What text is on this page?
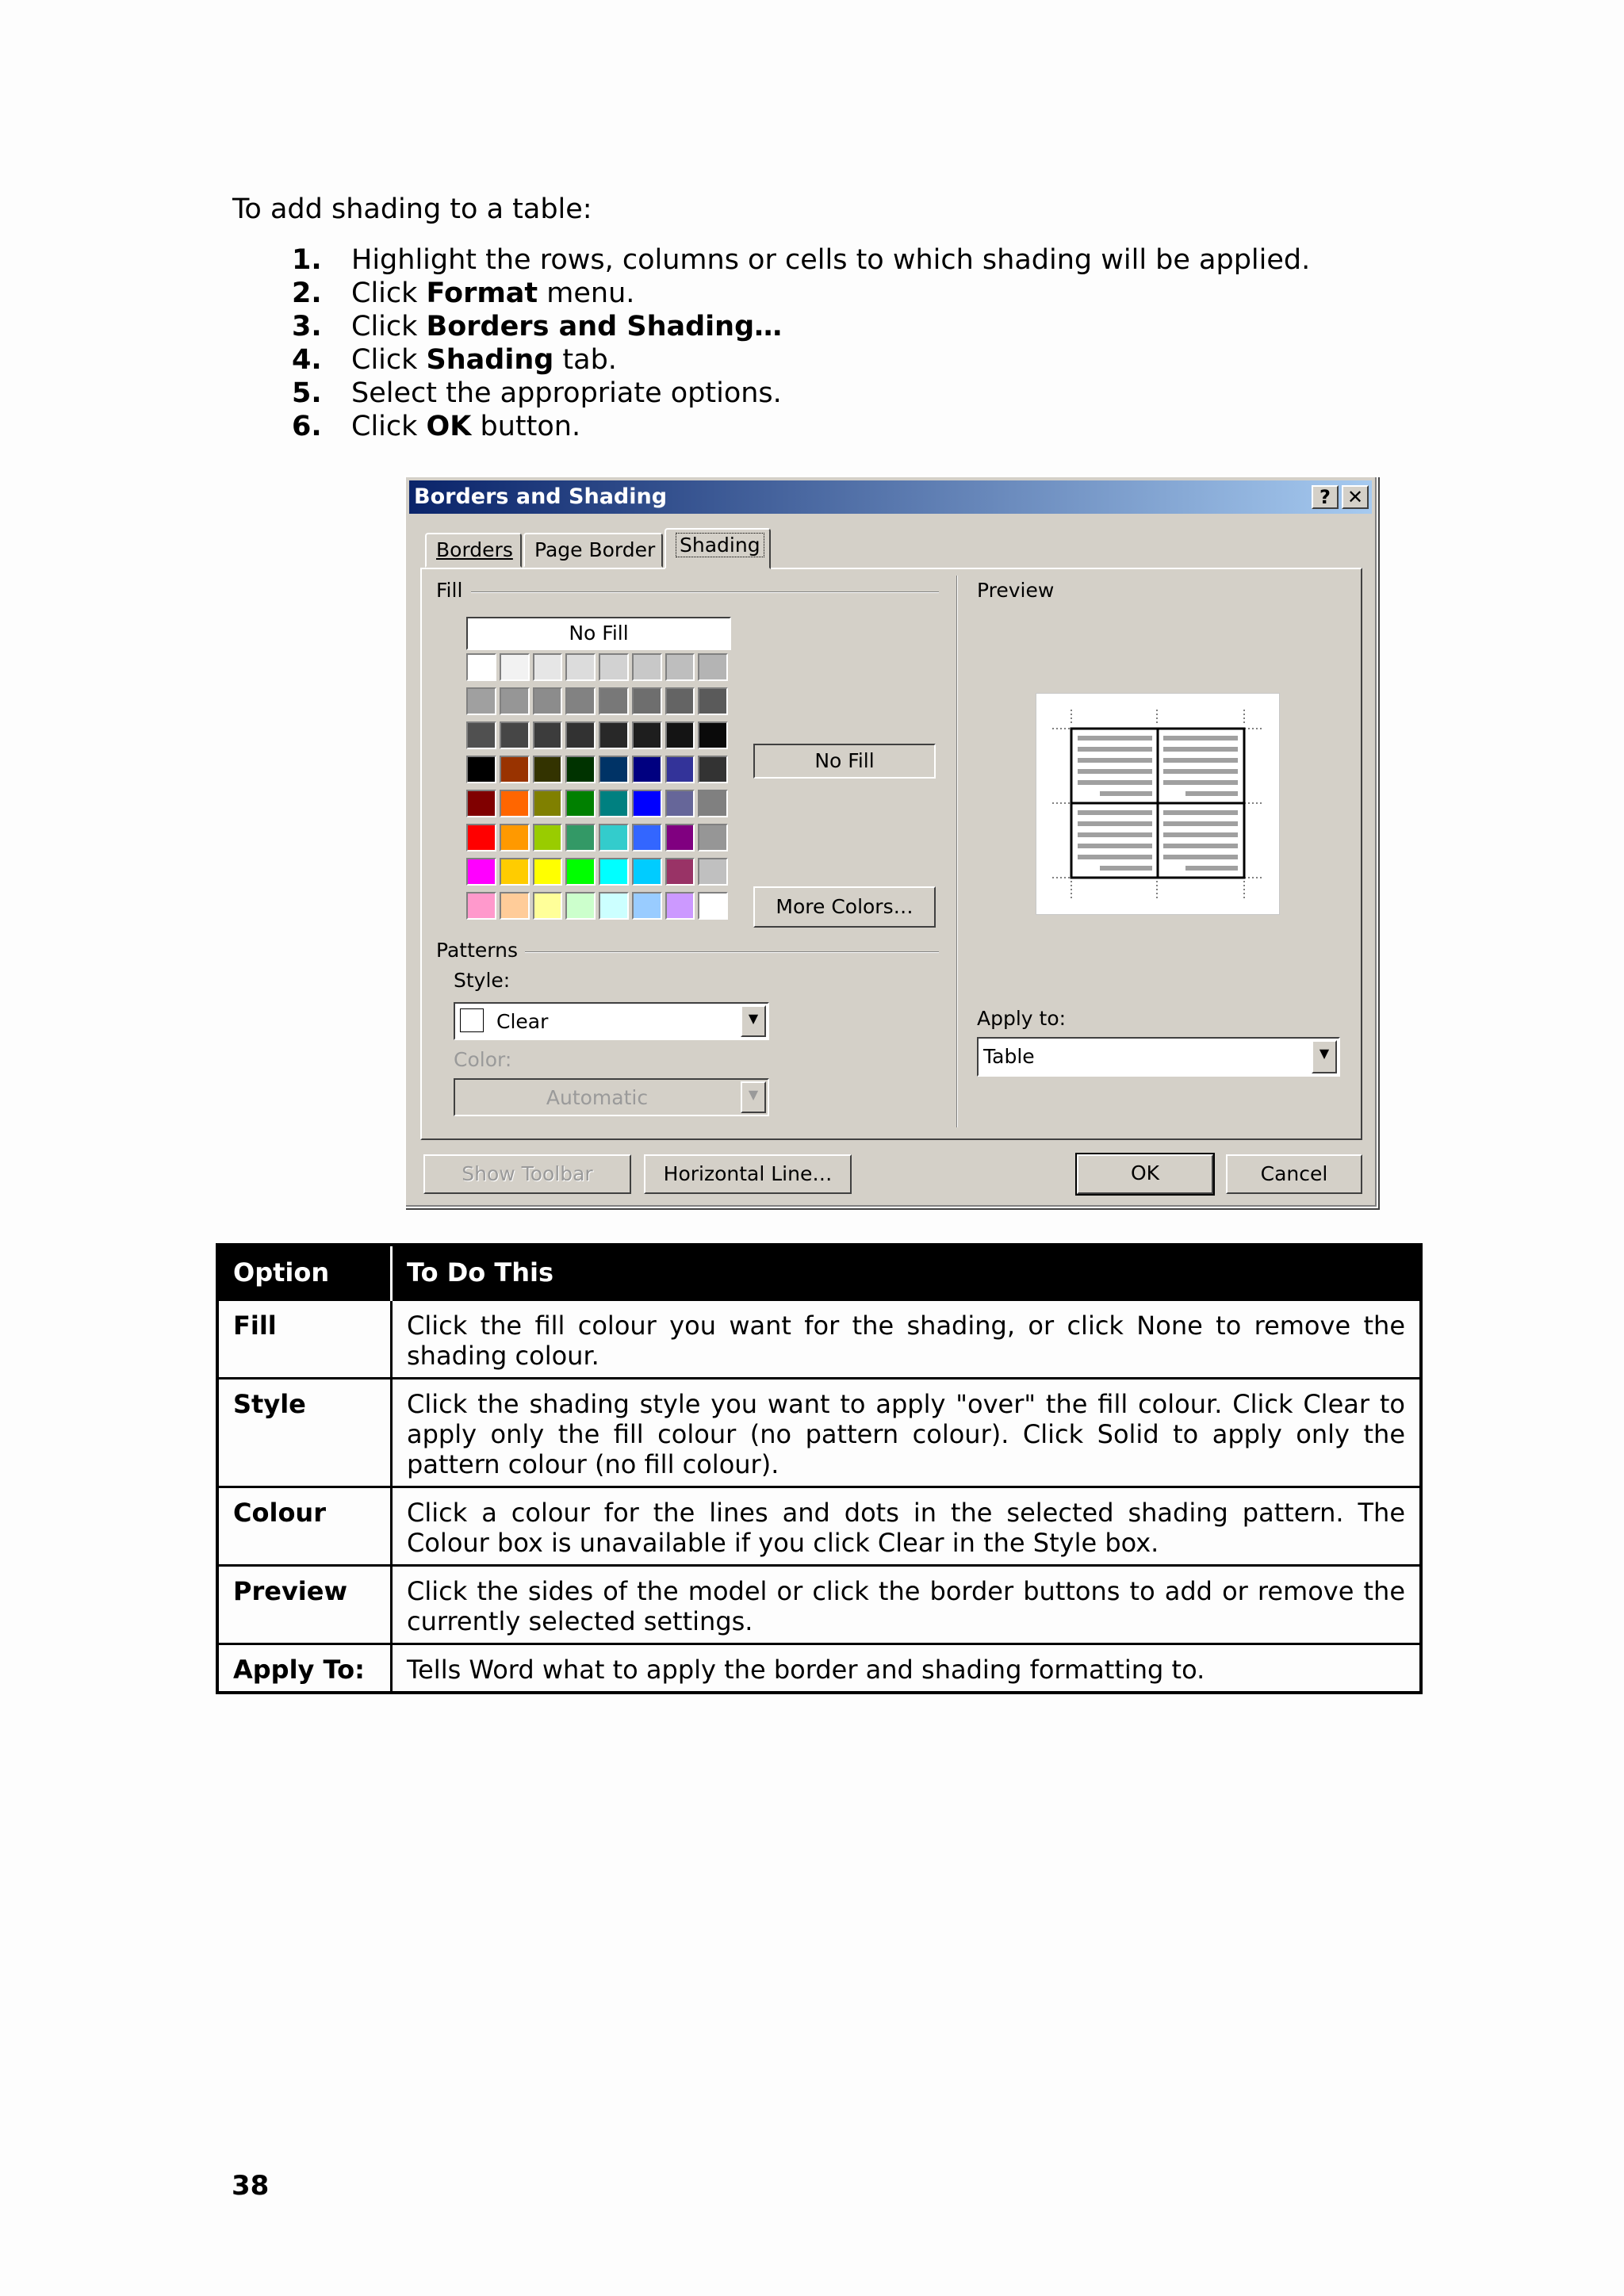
To add shading to a table:
1. Highlight the rows, columns or cells to which shading will be applied.
2. Click Format menu.
3. Click Borders and Shading…
4. Click Shading tab.
5. Select the appropriate options.
6. Click OK button.
Borders and Shading	? ✕
Borders	Page Border	Shading
Fill
No Fill
No Fill
More Colors…
Patterns
Style:
Clear	▼
Color:
Automatic	▼
Preview
Apply to:
Table	▼
Show Toolbar	Horizontal Line…	OK	Cancel
Option	To Do This
Fill	Click the fill colour you want for the shading, or click None to remove the shading colour.
Style	Click the shading style you want to apply "over" the fill colour. Click Clear to apply only the fill colour (no pattern colour). Click Solid to apply only the pattern colour (no fill colour).
Colour	Click a colour for the lines and dots in the selected shading pattern. The Colour box is unavailable if you click Clear in the Style box.
Preview	Click the sides of the model or click the border buttons to add or remove the currently selected settings.
Apply To:	Tells Word what to apply the border and shading formatting to.
38
